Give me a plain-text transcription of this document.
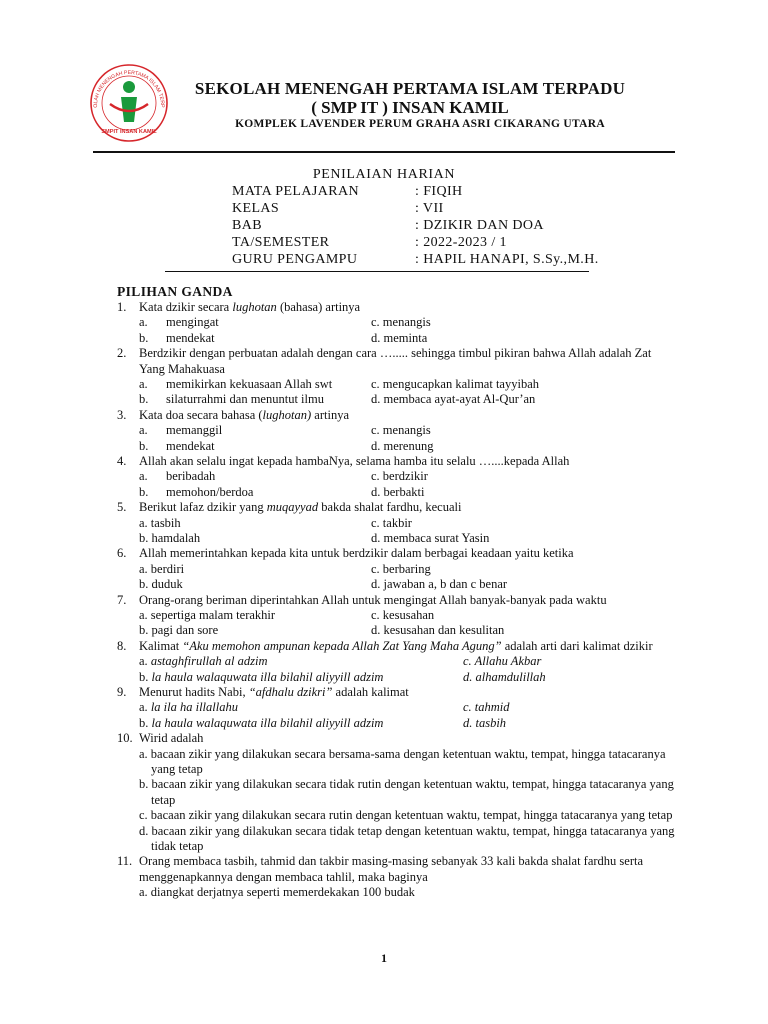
OLAH MENENGAH PERTAMA ISLAM TERP
SMPIT INSAN KAMIL
SEKOLAH MENENGAH PERTAMA ISLAM TERPADU
( SMP IT ) INSAN KAMIL
KOMPLEK LAVENDER PERUM GRAHA ASRI CIKARANG UTARA
PENILAIAN HARIAN
MATA PELAJARAN	: FIQIH
KELAS	: VII
BAB	: DZIKIR DAN DOA
TA/SEMESTER	: 2022-2023 / 1
GURU PENGAMPU	: HAPIL HANAPI, S.Sy.,M.H.
PILIHAN GANDA
1. Kata dzikir secara lughotan (bahasa) artinya
a. mengingat	c. menangis
b. mendekat	d. meminta
2. Berdzikir dengan perbuatan adalah dengan cara …..... sehingga timbul pikiran bahwa Allah adalah Zat Yang Mahakuasa
a. memikirkan kekuasaan Allah swt	c. mengucapkan kalimat tayyibah
b. silaturrahmi dan menuntut ilmu	d. membaca ayat-ayat Al-Qur’an
3. Kata doa secara bahasa (lughotan) artinya
a. memanggil	c. menangis
b. mendekat	d. merenung
4. Allah akan selalu ingat kepada hambaNya, selama hamba itu selalu …....kepada Allah
a. beribadah	c. berdzikir
b. memohon/berdoa	d. berbakti
5. Berikut lafaz dzikir yang muqayyad bakda shalat fardhu, kecuali
a. tasbih	c. takbir
b. hamdalah	d. membaca surat Yasin
6. Allah memerintahkan kepada kita untuk berdzikir dalam berbagai keadaan yaitu ketika
a. berdiri	c. berbaring
b. duduk	d. jawaban a, b dan c benar
7. Orang-orang beriman diperintahkan Allah untuk mengingat Allah banyak-banyak pada waktu
a. sepertiga malam terakhir	c. kesusahan
b. pagi dan sore	d. kesusahan dan kesulitan
8. Kalimat “Aku memohon ampunan kepada Allah Zat Yang Maha Agung” adalah arti dari kalimat dzikir
a. astaghfirullah al adzim	c. Allahu Akbar
b. la haula walaquwata illa bilahil aliyyill adzim	d. alhamdulillah
9. Menurut hadits Nabi, “afdhalu dzikri” adalah kalimat
a. la ila ha illallahu	c. tahmid
b. la haula walaquwata illa bilahil aliyyill adzim	d. tasbih
10. Wirid adalah
a. bacaan zikir yang dilakukan secara bersama-sama dengan ketentuan waktu, tempat, hingga tatacaranya yang tetap
b. bacaan zikir yang dilakukan secara tidak rutin dengan ketentuan waktu, tempat, hingga tatacaranya yang tetap
c. bacaan zikir yang dilakukan secara rutin dengan ketentuan waktu, tempat, hingga tatacaranya yang tetap
d. bacaan zikir yang dilakukan secara tidak tetap dengan ketentuan waktu, tempat, hingga tatacaranya yang tidak tetap
11. Orang membaca tasbih, tahmid dan takbir masing-masing sebanyak 33 kali bakda shalat fardhu serta menggenapkannya dengan membaca tahlil, maka baginya
a. diangkat derjatnya seperti memerdekakan 100 budak
1
